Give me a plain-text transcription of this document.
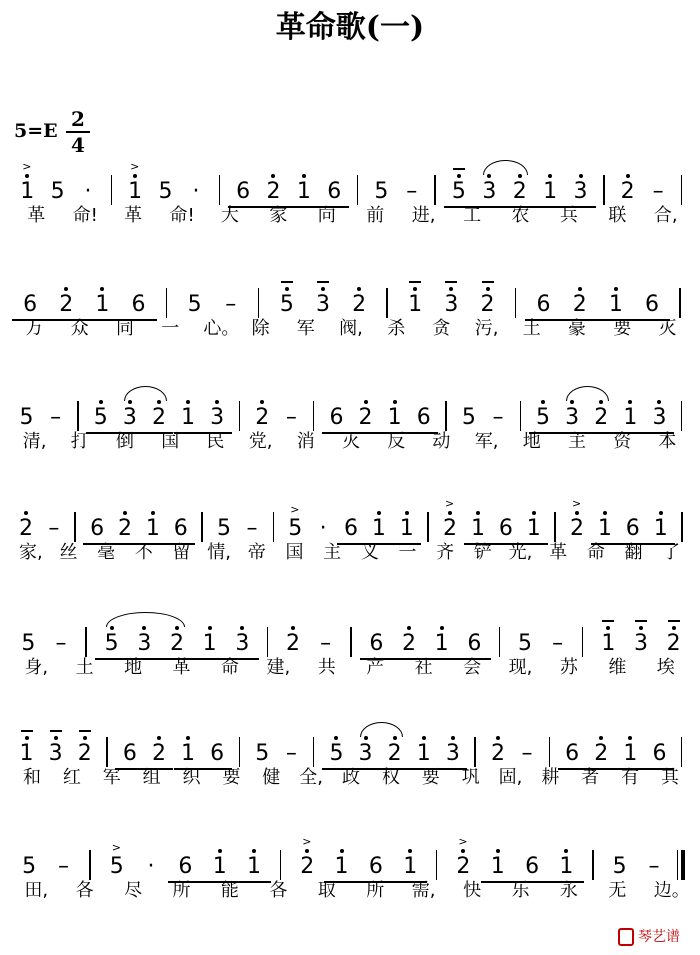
革命歌(一)
5=E 2
4
1
>
5 · 1
>
5 · 6 2 1 6 5 – 5 3 2 1 3 2 –
革 命! 革 命! 大 家 向 前 进, 工 农 兵 联 合,
6 2 1 6 5 – 5 3 2 1 3 2 6 2 1 6
万 众 同 一 心。 除 军 阀, 杀 贪 污, 土 豪 要 灭
5 – 5 3 2 1 3 2 – 6 2 1 6 5 – 5 3 2 1 3
清, 打 倒 国 民 党, 消 灭 反 动 军, 地 主 资 本
2 – 6 2 1 6 5 – 5
>
· 6 1 1 2
>
1 6 1 2
>
1 6 1
家, 丝 毫 不 留 情, 帝 国 主 义 一 齐 铲 光, 革 命 翻 了
5 – 5 3 2 1 3 2 – 6 2 1 6 5 – 1 3 2
身, 土 地 革 命 建, 共 产 社 会 现, 苏 维 埃
1 3 2 6 2 1 6 5 – 5 3 2 1 3 2 – 6 2 1 6
和 红 军 组 织 要 健 全, 政 权 要 巩 固, 耕 者 有 其
5 – 5
>
· 6 1 1 2
>
1 6 1 2
>
1 6 1 5 –
田, 各 尽 所 能 各 取 所 需, 快 乐 永 无 边。
琴艺谱
